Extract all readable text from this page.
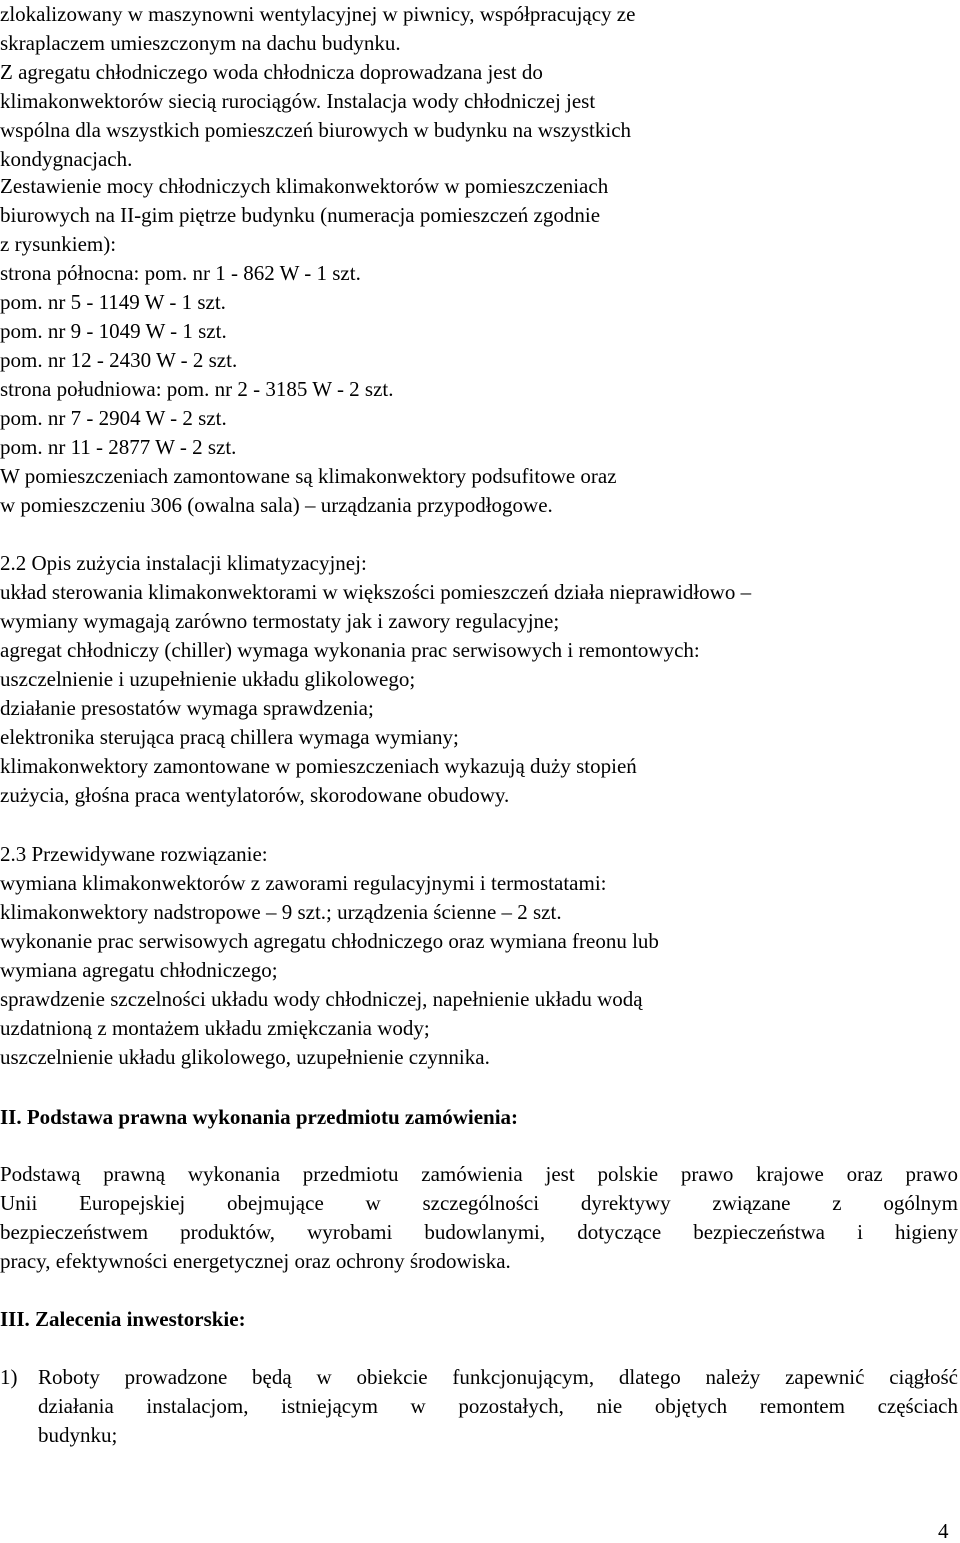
zlokalizowany w maszynowni wentylacyjnej w piwnicy, współpracujący ze
skraplaczem umieszczonym na dachu budynku.
Z agregatu chłodniczego woda chłodnicza doprowadzana jest do
klimakonwektorów siecią rurociągów. Instalacja wody chłodniczej jest
wspólna dla wszystkich pomieszczeń biurowych w budynku na wszystkich
kondygnacjach.
Zestawienie mocy chłodniczych klimakonwektorów w pomieszczeniach
biurowych na II-gim piętrze budynku (numeracja pomieszczeń zgodnie
z rysunkiem):
strona północna: pom. nr 1 - 862 W - 1 szt.
pom. nr 5 - 1149 W - 1 szt.
pom. nr 9 - 1049 W - 1 szt.
pom. nr 12 - 2430 W - 2 szt.
strona południowa: pom. nr 2 - 3185 W - 2 szt.
pom. nr 7 - 2904 W - 2 szt.
pom. nr 11 - 2877 W - 2 szt.
W pomieszczeniach zamontowane są klimakonwektory podsufitowe oraz
w pomieszczeniu 306 (owalna sala) – urządzania przypodłogowe.
2.2 Opis zużycia instalacji klimatyzacyjnej:
układ sterowania klimakonwektorami w większości pomieszczeń działa nieprawidłowo –
wymiany wymagają zarówno termostaty jak i zawory regulacyjne;
agregat chłodniczy (chiller) wymaga wykonania prac serwisowych i remontowych:
uszczelnienie i uzupełnienie układu glikolowego;
działanie presostatów wymaga sprawdzenia;
elektronika sterująca pracą chillera wymaga wymiany;
klimakonwektory zamontowane w pomieszczeniach wykazują duży stopień
zużycia, głośna praca wentylatorów, skorodowane obudowy.
2.3 Przewidywane rozwiązanie:
wymiana klimakonwektorów z zaworami regulacyjnymi i termostatami:
klimakonwektory nadstropowe – 9 szt.; urządzenia ścienne – 2 szt.
wykonanie prac serwisowych agregatu chłodniczego oraz wymiana freonu lub
wymiana agregatu chłodniczego;
sprawdzenie szczelności układu wody chłodniczej, napełnienie układu wodą
uzdatnioną z montażem układu zmiękczania wody;
uszczelnienie układu glikolowego, uzupełnienie czynnika.
II. Podstawa prawna wykonania przedmiotu zamówienia:
Podstawą prawną wykonania przedmiotu zamówienia jest polskie prawo krajowe oraz prawo
Unii Europejskiej obejmujące w szczególności dyrektywy związane z ogólnym
bezpieczeństwem produktów, wyrobami budowlanymi, dotyczące bezpieczeństwa i higieny
pracy, efektywności energetycznej oraz ochrony środowiska.
III. Zalecenia inwestorskie:
1) Roboty prowadzone będą w obiekcie funkcjonującym, dlatego należy zapewnić ciągłość
działania instalacjom, istniejącym w pozostałych, nie objętych remontem częściach
budynku;
4
